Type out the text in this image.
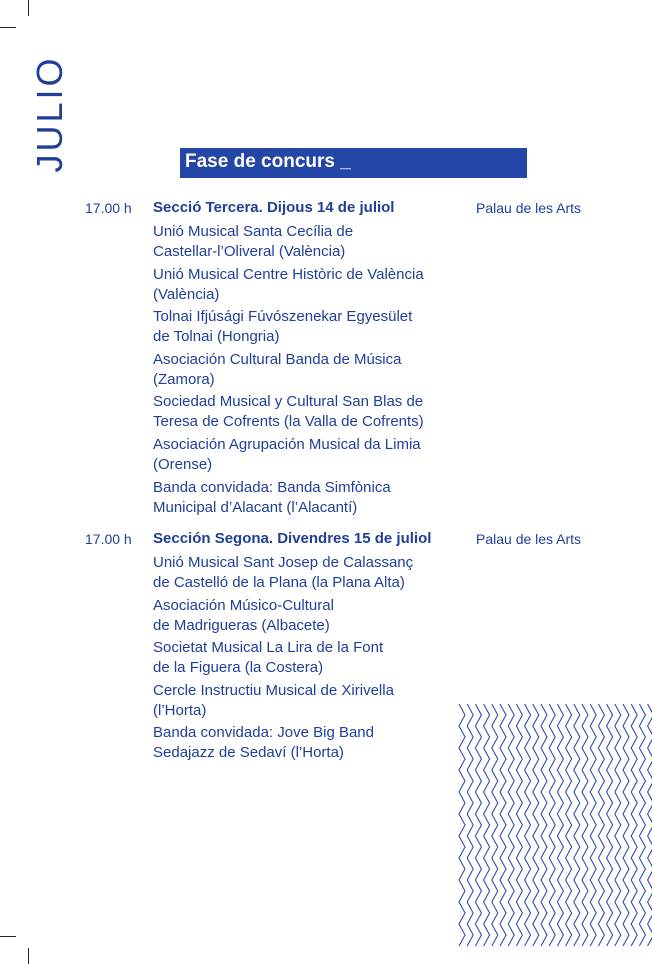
JULIO	Fase de concurs _
17.00 h Secció Tercera. Dijous 14 de juliol	Palau de les Arts
Unió Musical Santa Cecília de
Castellar-l’Oliveral (València)
Unió Musical Centre Històric de València
(València)
Tolnai Ifjúsági Fúvószenekar Egyesület
de Tolnai (Hongria)
Asociación Cultural Banda de Música
(Zamora)
Sociedad Musical y Cultural San Blas de
Teresa de Cofrents (la Valla de Cofrents)
Asociación Agrupación Musical da Limia
(Orense)
Banda convidada: Banda Simfònica
Municipal d’Alacant (l’Alacantí)
17.00 h Sección Segona. Divendres 15 de juliol	Palau de les Arts
Unió Musical Sant Josep de Calassanç
de Castelló de la Plana (la Plana Alta)
Asociación Músico-Cultural
de Madrigueras (Albacete)
Societat Musical La Lira de la Font
de la Figuera (la Costera)
Cercle Instructiu Musical de Xirivella
(l’Horta)
Banda convidada: Jove Big Band
Sedajazz de Sedaví (l’Horta)
